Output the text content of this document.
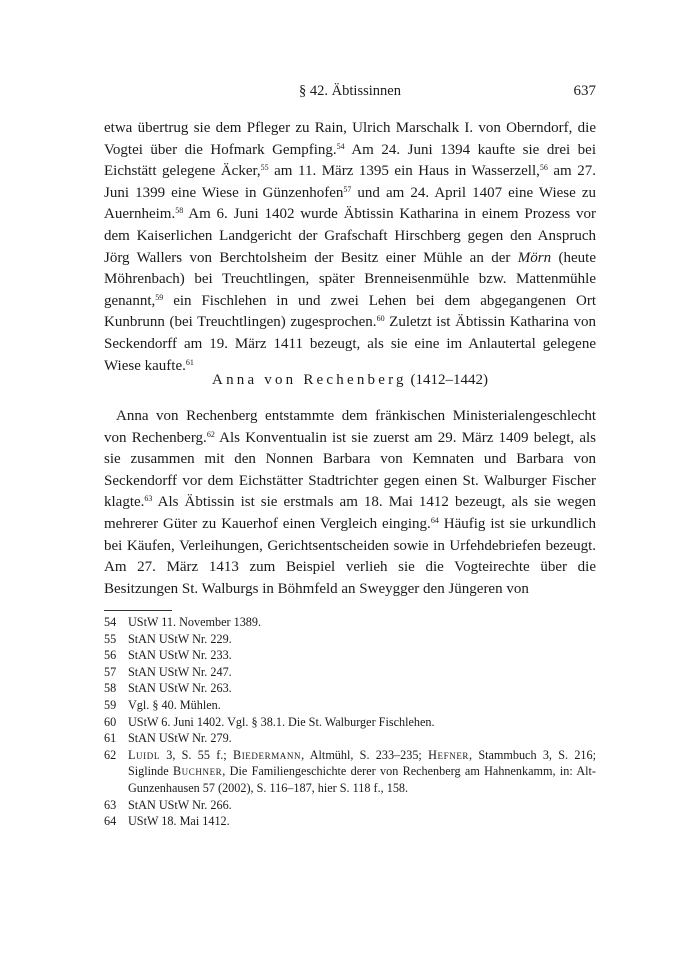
§ 42. Äbtissinnen	637
etwa übertrug sie dem Pfleger zu Rain, Ulrich Marschalk I. von Oberndorf, die Vogtei über die Hofmark Gempfing.$^{54}$ Am 24. Juni 1394 kaufte sie drei bei Eichstätt gelegene Äcker,$^{55}$ am 11. März 1395 ein Haus in Wasserzell,$^{56}$ am 27. Juni 1399 eine Wiese in Günzenhofen$^{57}$ und am 24. April 1407 eine Wiese zu Auernheim.$^{58}$ Am 6. Juni 1402 wurde Äbtissin Katharina in einem Prozess vor dem Kaiserlichen Landgericht der Grafschaft Hirschberg gegen den Anspruch Jörg Wallers von Berchtolsheim der Besitz einer Mühle an der Mörn (heute Möhrenbach) bei Treuchtlingen, später Brenneisenmühle bzw. Mattenmühle genannt,$^{59}$ ein Fischlehen in und zwei Lehen bei dem abgegangenen Ort Kunbrunn (bei Treuchtlingen) zugesprochen.$^{60}$ Zuletzt ist Äbtissin Katharina von Seckendorff am 19. März 1411 bezeugt, als sie eine im Anlautertal gelegene Wiese kaufte.$^{61}$
Anna von Rechenberg (1412–1442)
Anna von Rechenberg entstammte dem fränkischen Ministerialengeschlecht von Rechenberg.$^{62}$ Als Konventualin ist sie zuerst am 29. März 1409 belegt, als sie zusammen mit den Nonnen Barbara von Kemnaten und Barbara von Seckendorff vor dem Eichstätter Stadtrichter gegen einen St. Walburger Fischer klagte.$^{63}$ Als Äbtissin ist sie erstmals am 18. Mai 1412 bezeugt, als sie wegen mehrerer Güter zu Kauerhof einen Vergleich einging.$^{64}$ Häufig ist sie urkundlich bei Käufen, Verleihungen, Gerichtsentscheiden sowie in Urfehdebriefen bezeugt. Am 27. März 1413 zum Beispiel verlieh sie die Vogteirechte über die Besitzungen St. Walburgs in Böhmfeld an Sweygger den Jüngeren von
54 UStW 11. November 1389.
55 StAN UStW Nr. 229.
56 StAN UStW Nr. 233.
57 StAN UStW Nr. 247.
58 StAN UStW Nr. 263.
59 Vgl. § 40. Mühlen.
60 UStW 6. Juni 1402. Vgl. § 38.1. Die St. Walburger Fischlehen.
61 StAN UStW Nr. 279.
62 Luidl 3, S. 55 f.; Biedermann, Altmühl, S. 233–235; Hefner, Stammbuch 3, S. 216; Siglinde Buchner, Die Familiengeschichte derer von Rechenberg am Hahnenkamm, in: Alt-Gunzenhausen 57 (2002), S. 116–187, hier S. 118 f., 158.
63 StAN UStW Nr. 266.
64 UStW 18. Mai 1412.
